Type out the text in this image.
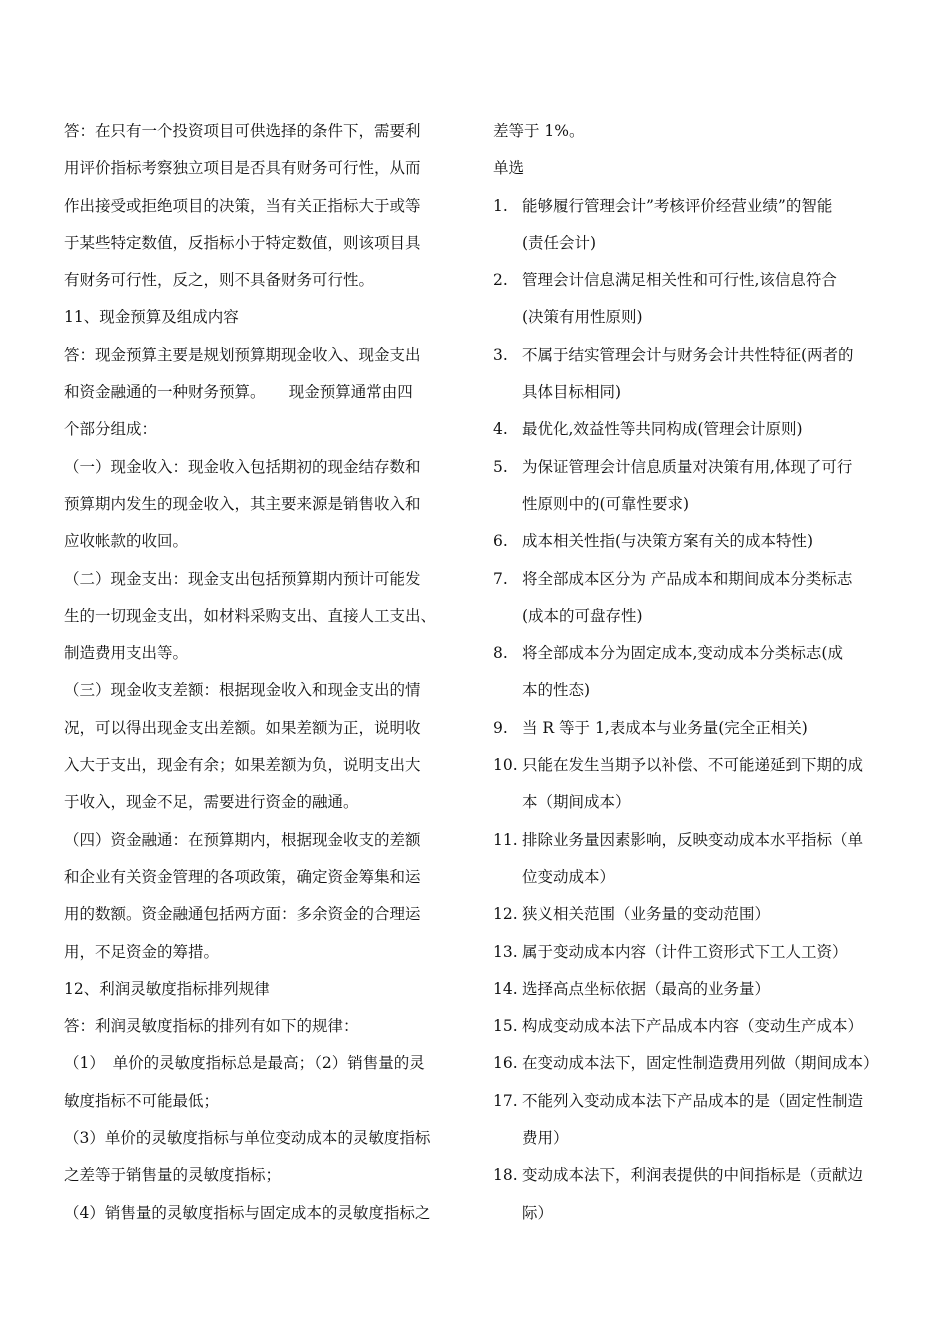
答：在只有一个投资项目可供选择的条件下，需要利
用评价指标考察独立项目是否具有财务可行性，从而
作出接受或拒绝项目的决策，当有关正指标大于或等
于某些特定数值，反指标小于特定数值，则该项目具
有财务可行性，反之，则不具备财务可行性。
11、现金预算及组成内容
答：现金预算主要是规划预算期现金收入、现金支出
和资金融通的一种财务预算。　　现金预算通常由四
个部分组成：
（一）现金收入：现金收入包括期初的现金结存数和
预算期内发生的现金收入，其主要来源是销售收入和
应收帐款的收回。
（二）现金支出：现金支出包括预算期内预计可能发
生的一切现金支出，如材料采购支出、直接人工支出、
制造费用支出等。
（三）现金收支差额：根据现金收入和现金支出的情
况，可以得出现金支出差额。如果差额为正，说明收
入大于支出，现金有余；如果差额为负，说明支出大
于收入，现金不足，需要进行资金的融通。
（四）资金融通：在预算期内，根据现金收支的差额
和企业有关资金管理的各项政策，确定资金筹集和运
用的数额。资金融通包括两方面：多余资金的合理运
用，不足资金的筹措。
12、利润灵敏度指标排列规律
答：利润灵敏度指标的排列有如下的规律：
（1）　单价的灵敏度指标总是最高；（2）销售量的灵
敏度指标不可能最低；
（3）单价的灵敏度指标与单位变动成本的灵敏度指标
之差等于销售量的灵敏度指标；
（4）销售量的灵敏度指标与固定成本的灵敏度指标之
差等于 1%。
单选
1. 能够履行管理会计”考核评价经营业绩”的智能
(责任会计)
2. 管理会计信息满足相关性和可行性,该信息符合
(决策有用性原则)
3. 不属于结实管理会计与财务会计共性特征(两者的
具体目标相同)
4. 最优化,效益性等共同构成(管理会计原则)
5. 为保证管理会计信息质量对决策有用,体现了可行
性原则中的(可靠性要求)
6. 成本相关性指(与决策方案有关的成本特性)
7. 将全部成本区分为 产品成本和期间成本分类标志
(成本的可盘存性)
8. 将全部成本分为固定成本,变动成本分类标志(成
本的性态)
9. 当 R 等于 1,表成本与业务量(完全正相关)
10. 只能在发生当期予以补偿、不可能递延到下期的成
本（期间成本）
11. 排除业务量因素影响，反映变动成本水平指标（单
位变动成本）
12. 狭义相关范围（业务量的变动范围）
13. 属于变动成本内容（计件工资形式下工人工资）
14. 选择高点坐标依据（最高的业务量）
15. 构成变动成本法下产品成本内容（变动生产成本）
16. 在变动成本法下，固定性制造费用列做（期间成本）
17. 不能列入变动成本法下产品成本的是（固定性制造
费用）
18. 变动成本法下，利润表提供的中间指标是（贡献边
际）
